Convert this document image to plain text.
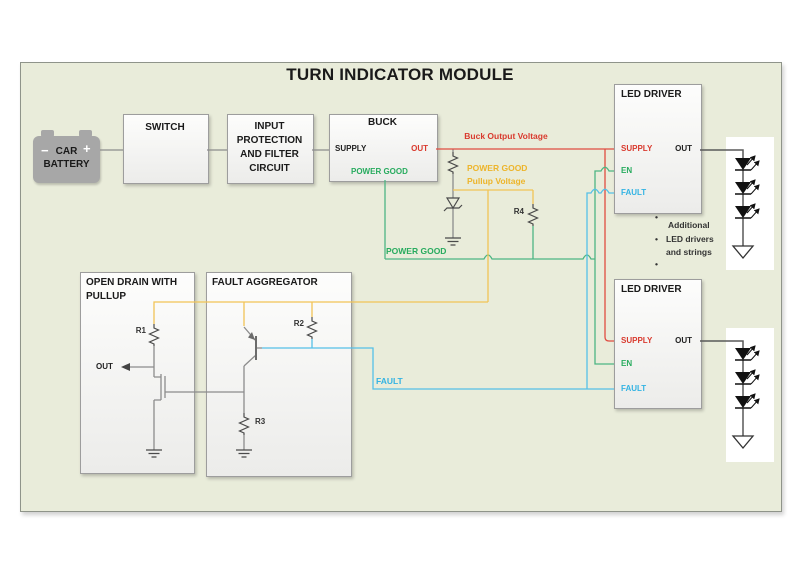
TURN INDICATOR MODULE
−	+
CAR
BATTERY
SWITCH	INPUT
PROTECTION
AND FILTER
CIRCUIT
BUCK
SUPPLY	OUT
POWER GOOD
LED DRIVER
SUPPLY
EN
FAULT
OUT
LED DRIVER
SUPPLY
EN
FAULT
OUT
OPEN DRAIN WITH
PULLUP
OUT
R1
FAULT AGGREGATOR
R2
R3
Buck Output Voltage
POWER GOOD
Pullup Voltage
POWER GOOD
FAULT
R4
•
Additional
• LED drivers
and strings
•
